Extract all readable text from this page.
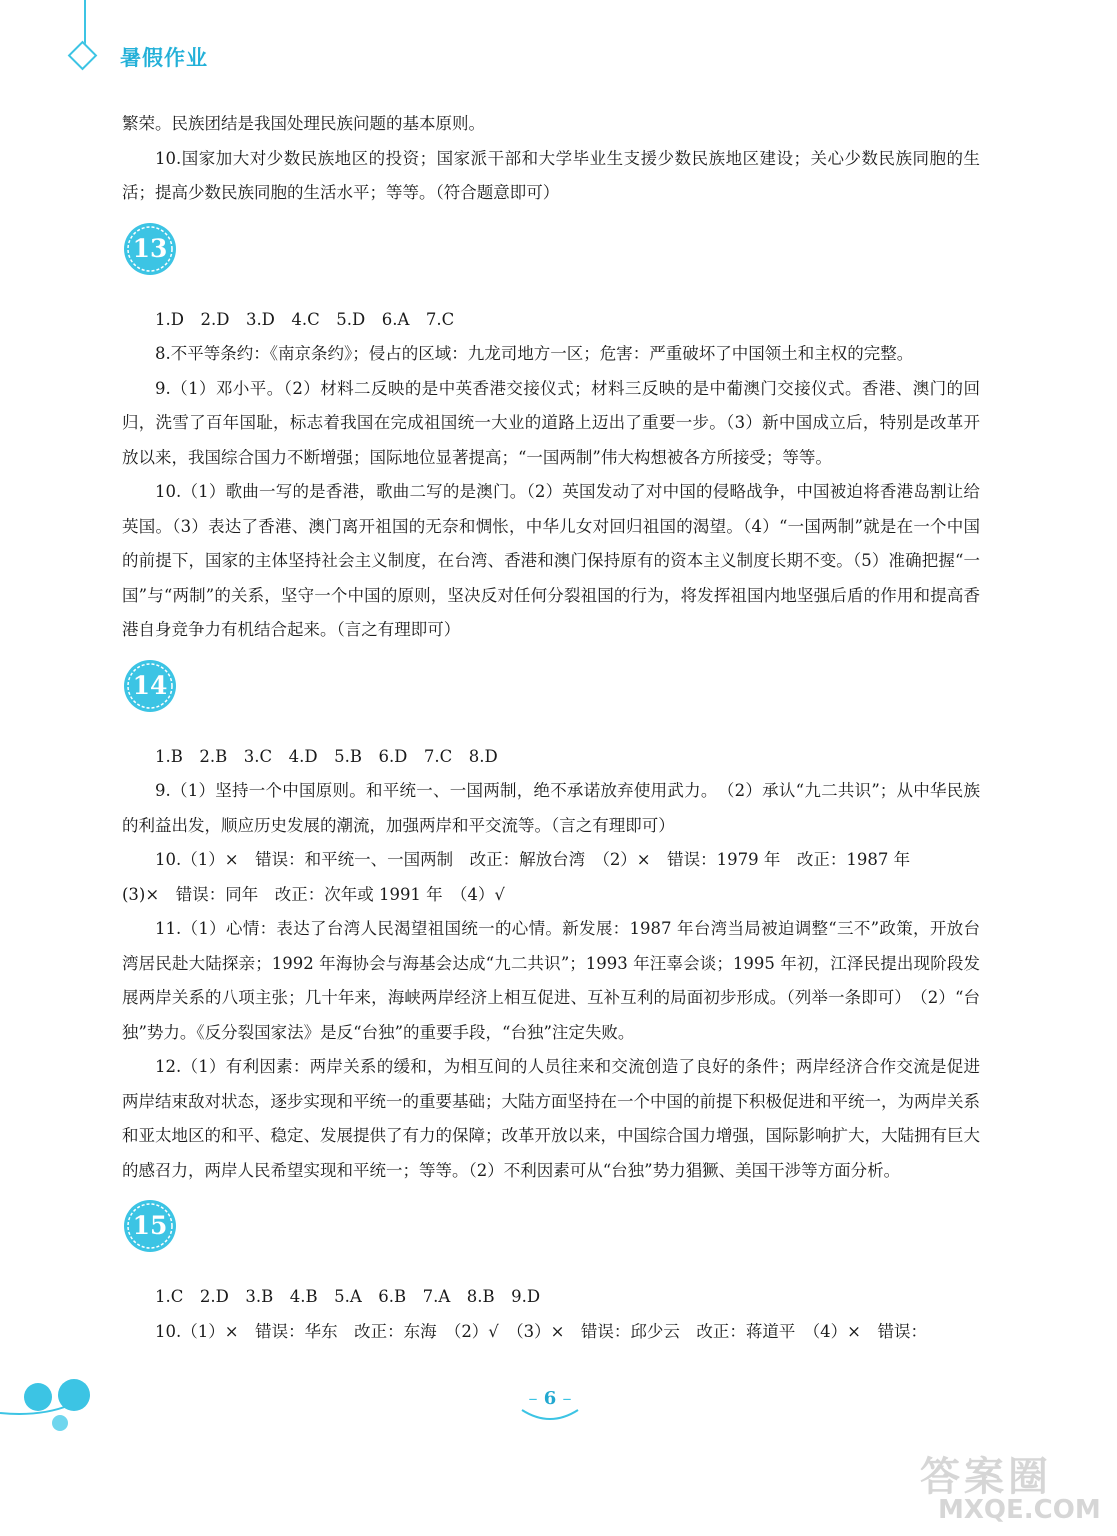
暑假作业

繁荣。民族团结是我国处理民族问题的基本原则。

10.国家加大对少数民族地区的投资；国家派干部和大学毕业生支援少数民族地区建设；关心少数民族同胞的生活；提高少数民族同胞的生活水平；等等。（符合题意即可）

13

1.D　2.D　3.D　4.C　5.D　6.A　7.C

8.不平等条约：《南京条约》；侵占的区域：九龙司地方一区；危害：严重破坏了中国领土和主权的完整。

9.（1）邓小平。（2）材料二反映的是中英香港交接仪式；材料三反映的是中葡澳门交接仪式。香港、澳门的回归，洗雪了百年国耻，标志着我国在完成祖国统一大业的道路上迈出了重要一步。（3）新中国成立后，特别是改革开放以来，我国综合国力不断增强；国际地位显著提高；“一国两制”伟大构想被各方所接受；等等。

10.（1）歌曲一写的是香港，歌曲二写的是澳门。（2）英国发动了对中国的侵略战争，中国被迫将香港岛割让给英国。（3）表达了香港、澳门离开祖国的无奈和惆怅，中华儿女对回归祖国的渴望。（4）“一国两制”就是在一个中国的前提下，国家的主体坚持社会主义制度，在台湾、香港和澳门保持原有的资本主义制度长期不变。（5）准确把握“一国”与“两制”的关系，坚守一个中国的原则，坚决反对任何分裂祖国的行为，将发挥祖国内地坚强后盾的作用和提高香港自身竞争力有机结合起来。（言之有理即可）

14

1.B　2.B　3.C　4.D　5.B　6.D　7.C　8.D

9.（1）坚持一个中国原则。和平统一、一国两制，绝不承诺放弃使用武力。　（2）承认“九二共识”；从中华民族的利益出发，顺应历史发展的潮流，加强两岸和平交流等。（言之有理即可）

10.（1）×　错误：和平统一、一国两制　改正：解放台湾　（2）×　错误：1979 年　改正：1987 年

(3)×　错误：同年　改正：次年或 1991 年　（4）√

11.（1）心情：表达了台湾人民渴望祖国统一的心情。新发展：1987 年台湾当局被迫调整“三不”政策，开放台湾居民赴大陆探亲；1992 年海协会与海基会达成“九二共识”；1993 年汪辜会谈；1995 年初，江泽民提出现阶段发展两岸关系的八项主张；几十年来，海峡两岸经济上相互促进、互补互利的局面初步形成。（列举一条即可）　（2）“台独”势力。《反分裂国家法》是反“台独”的重要手段，“台独”注定失败。

12.（1）有利因素：两岸关系的缓和，为相互间的人员往来和交流创造了良好的条件；两岸经济合作交流是促进两岸结束敌对状态，逐步实现和平统一的重要基础；大陆方面坚持在一个中国的前提下积极促进和平统一，为两岸关系和亚太地区的和平、稳定、发展提供了有力的保障；改革开放以来，中国综合国力增强，国际影响扩大，大陆拥有巨大的感召力，两岸人民希望实现和平统一；等等。（2）不利因素可从“台独”势力猖獗、美国干涉等方面分析。

15

1.C　2.D　3.B　4.B　5.A　6.B　7.A　8.B　9.D

10.（1）×　错误：华东　改正：东海　（2）√　（3）×　错误：邱少云　改正：蒋道平　（4）×　错误：

– 6 –
答案圈
MXQE.COM
